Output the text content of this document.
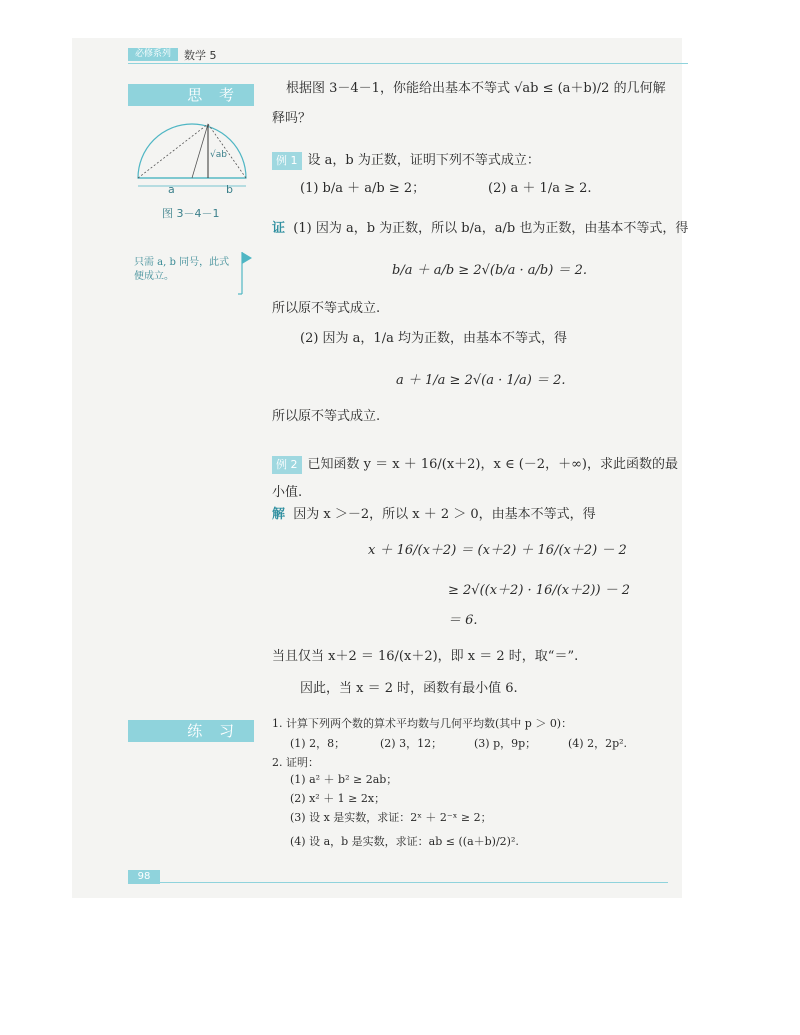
必修系列	数学 5
思 考
a	b
√ab
图 3－4－1
只需 a, b 同号，此式便成立。
根据图 3－4－1，你能给出基本不等式 √ab ≤ (a＋b)/2 的几何解
释吗？
例 1 设 a，b 为正数，证明下列不等式成立：
(1) b/a ＋ a/b ≥ 2；	(2) a ＋ 1/a ≥ 2.
证 (1) 因为 a，b 为正数，所以 b/a，a/b 也为正数，由基本不等式，得
b/a ＋ a/b ≥ 2√(b/a · a/b) ＝ 2.
所以原不等式成立.
(2) 因为 a，1/a 均为正数，由基本不等式，得
a ＋ 1/a ≥ 2√(a · 1/a) ＝ 2.
所以原不等式成立.
例 2 已知函数 y ＝ x ＋ 16/(x＋2)，x ∈ (－2，＋∞)，求此函数的最
小值.
解 因为 x ＞－2，所以 x ＋ 2 ＞ 0，由基本不等式，得
x ＋ 16/(x＋2) ＝ (x＋2) ＋ 16/(x＋2) － 2
≥ 2√((x＋2) · 16/(x＋2)) － 2
＝ 6.
当且仅当 x＋2 ＝ 16/(x＋2)，即 x ＝ 2 时，取“＝”.
因此，当 x ＝ 2 时，函数有最小值 6.
练 习	1. 计算下列两个数的算术平均数与几何平均数(其中 p ＞ 0)：
(1) 2，8；	(2) 3，12；	(3) p，9p；	(4) 2，2p².
2. 证明：
(1) a² ＋ b² ≥ 2ab；
(2) x² ＋ 1 ≥ 2x；
(3) 设 x 是实数，求证：2ˣ ＋ 2⁻ˣ ≥ 2；
(4) 设 a，b 是实数，求证：ab ≤ ((a＋b)/2)².
98
